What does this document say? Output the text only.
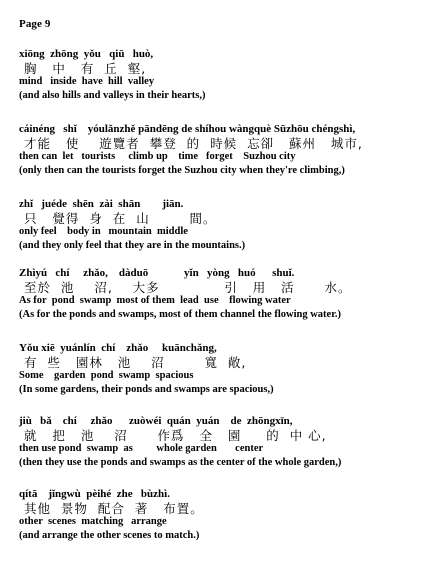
Page 9
xiōng  zhōng  yǒu   qiū   huò,
胸   中   有  丘  壑,
mind   inside  have  hill  valley
(and also hills and valleys in their hearts,)
cáinéng   shǐ    yóulǎnzhě pāndēng de shíhou wàngquè Sūzhōu chéngshì,
才能   使    遊覽者  攀登  的  時候  忘卻   蘇州   城市,
then can  let   tourists     climb up    time   forget    Suzhou city
(only then can the tourists forget the Suzhou city when they're climbing,)
zhǐ   juéde  shēn  zài  shān        jiān.
只   覺得  身  在  山        間。
only feel    body in   mountain  middle
(and they only feel that they are in the mountains.)
Zhìyú   chí     zhǎo,    dàduō             yǐn   yòng   huó      shuǐ.
至於  池    沼,    大多             引   用   活      水。
As for  pond  swamp  most of them  lead  use    flowing water
(As for the ponds and swamps, most of them channel the flowing water.)
Yǒu xiē  yuánlín  chí    zhǎo     kuānchǎng,
有  些   園林   池    沼        寬  敞,
Some    garden  pond  swamp  spacious
(In some gardens, their ponds and swamps are spacious,)
jiù   bǎ    chí     zhǎo      zuòwéi  quán  yuán    de  zhōngxīn,
就   把   池    沼      作爲   全   園     的  中 心,
then use pond  swamp  as         whole garden       center
(then they use the ponds and swamps as the center of the whole garden,)
qítā    jǐngwù  pèihé  zhe   bùzhì.
其他  景物  配合  著   布置。
other  scenes  matching   arrange
(and arrange the other scenes to match.)
